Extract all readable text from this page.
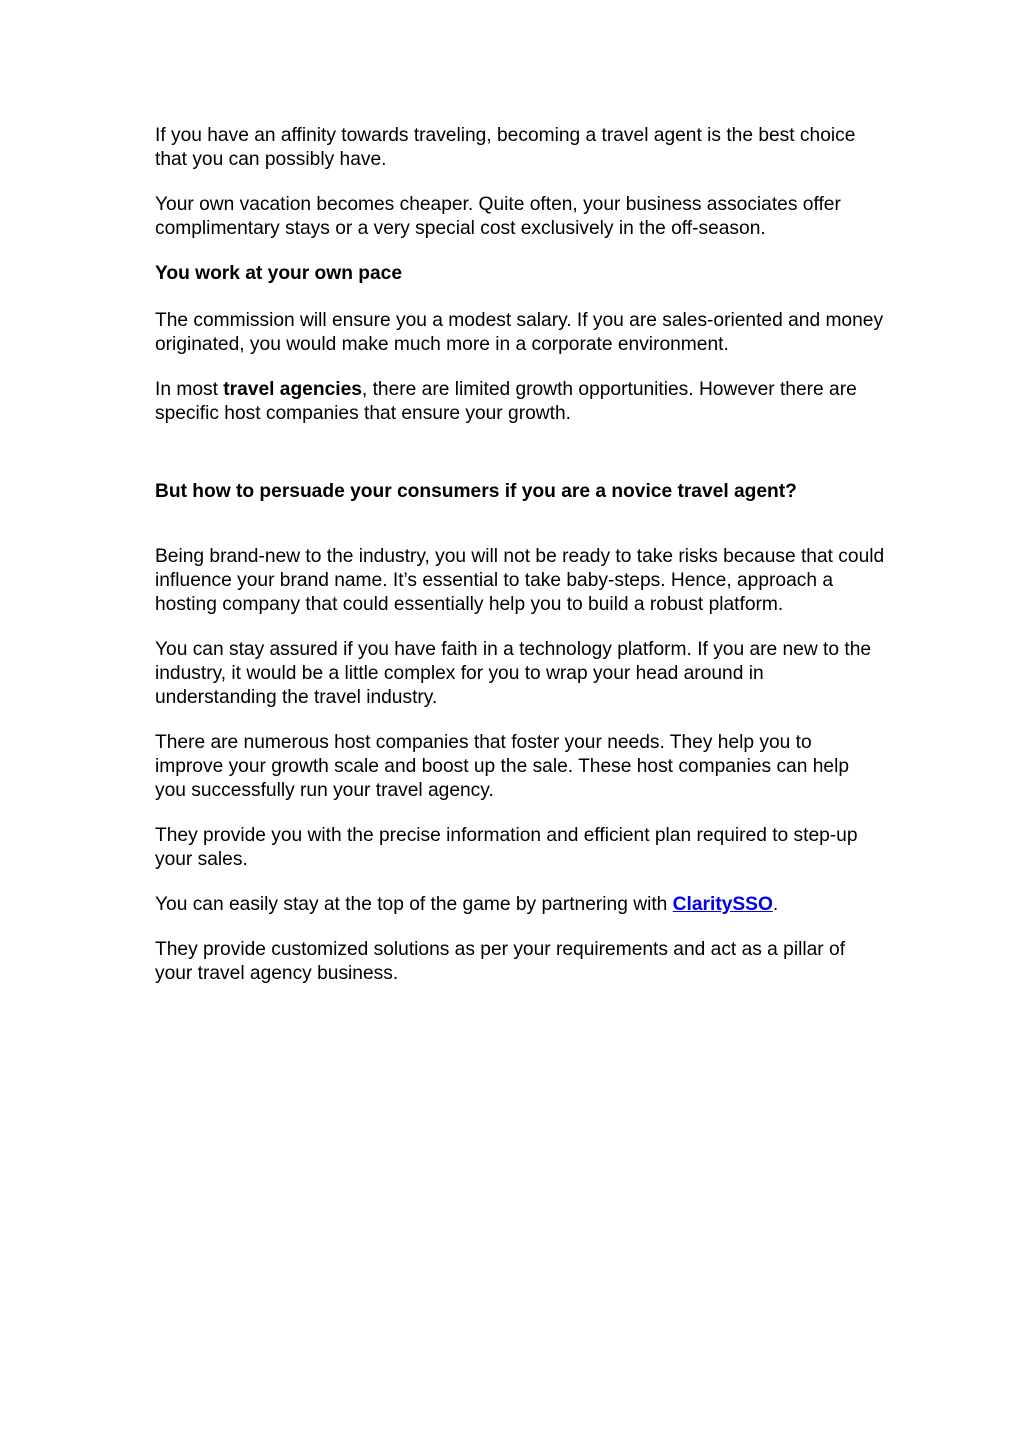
If you have an affinity towards traveling, becoming a travel agent is the best choice that you can possibly have.

Your own vacation becomes cheaper. Quite often, your business associates offer complimentary stays or a very special cost exclusively in the off-season.

You work at your own pace

The commission will ensure you a modest salary. If you are sales-oriented and money originated, you would make much more in a corporate environment.

In most travel agencies, there are limited growth opportunities. However there are specific host companies that ensure your growth.

But how to persuade your consumers if you are a novice travel agent?

Being brand-new to the industry, you will not be ready to take risks because that could influence your brand name. It’s essential to take baby-steps. Hence, approach a hosting company that could essentially help you to build a robust platform.

You can stay assured if you have faith in a technology platform. If you are new to the industry, it would be a little complex for you to wrap your head around in understanding the travel industry.

There are numerous host companies that foster your needs. They help you to improve your growth scale and boost up the sale. These host companies can help you successfully run your travel agency.

They provide you with the precise information and efficient plan required to step-up your sales.

You can easily stay at the top of the game by partnering with ClaritySSO.

They provide customized solutions as per your requirements and act as a pillar of your travel agency business.
